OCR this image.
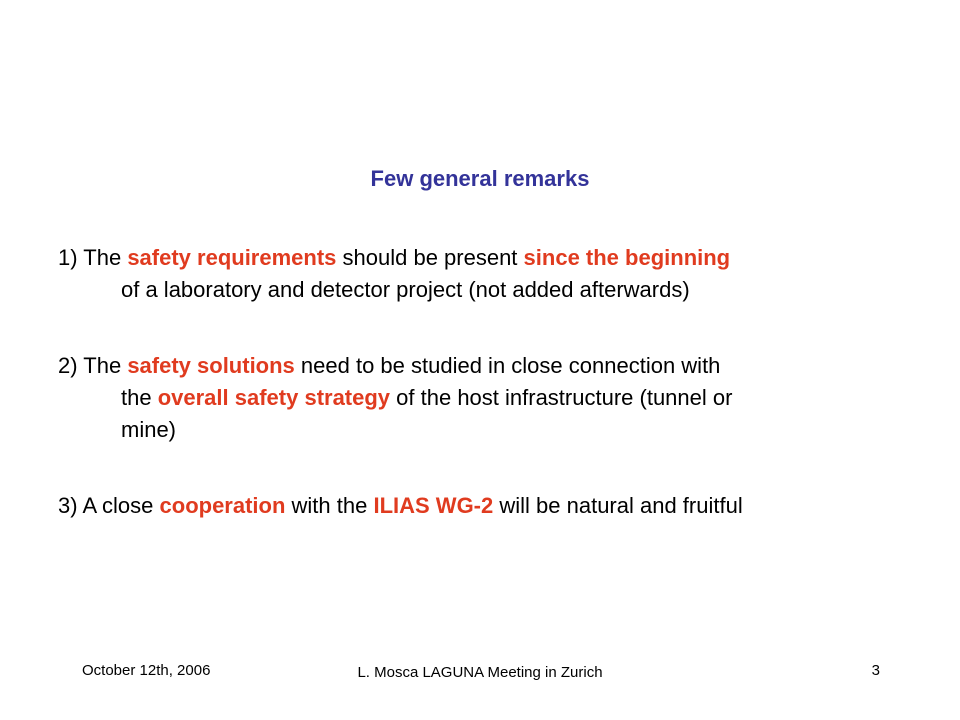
Few general remarks
1) The safety requirements should be present since the beginning
of a laboratory and detector project (not added afterwards)
2) The safety solutions need to be studied in close connection with
the overall safety strategy of the host infrastructure (tunnel or
mine)
3) A close cooperation with the ILIAS WG-2 will be natural and fruitful
October 12th, 2006	L. Mosca LAGUNA Meeting in Zurich	3
